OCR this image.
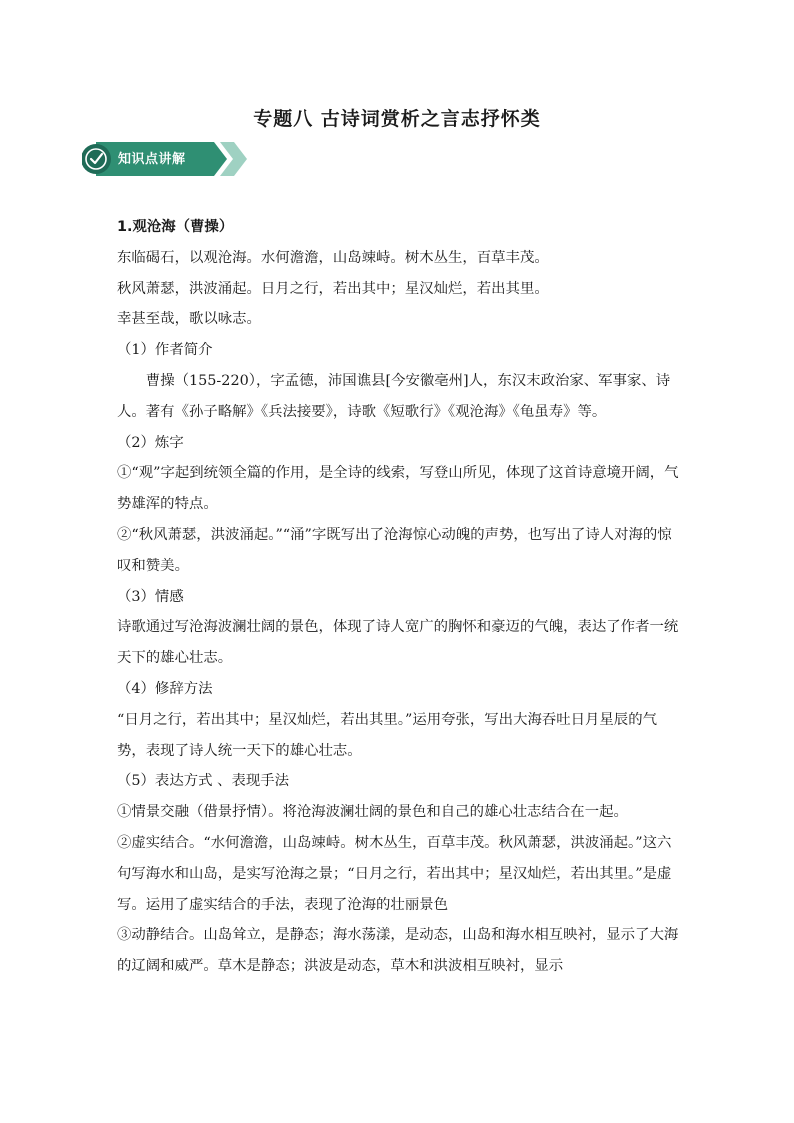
专题八 古诗词赏析之言志抒怀类
知识点讲解

1.观沧海（曹操）

东临碣石，以观沧海。水何澹澹，山岛竦峙。树木丛生，百草丰茂。

秋风萧瑟，洪波涌起。日月之行，若出其中；星汉灿烂，若出其里。

幸甚至哉，歌以咏志。

（1）作者简介

曹操（155-220），字孟德，沛国谯县[今安徽亳州]人，东汉末政治家、军事家、诗人。著有《孙子略解》《兵法接要》，诗歌《短歌行》《观沧海》《龟虽寿》等。

（2）炼字

①“观”字起到统领全篇的作用，是全诗的线索，写登山所见，体现了这首诗意境开阔，气势雄浑的特点。

②“秋风萧瑟，洪波涌起。”“涌”字既写出了沧海惊心动魄的声势，也写出了诗人对海的惊叹和赞美。

（3）情感

诗歌通过写沧海波澜壮阔的景色，体现了诗人宽广的胸怀和豪迈的气魄，表达了作者一统天下的雄心壮志。

（4）修辞方法

“日月之行，若出其中；星汉灿烂，若出其里。”运用夸张，写出大海吞吐日月星辰的气势，表现了诗人统一天下的雄心壮志。

（5）表达方式 、表现手法

①情景交融（借景抒情）。将沧海波澜壮阔的景色和自己的雄心壮志结合在一起。

②虚实结合。“水何澹澹，山岛竦峙。树木丛生，百草丰茂。秋风萧瑟，洪波涌起。”这六句写海水和山岛，是实写沧海之景；“日月之行，若出其中；星汉灿烂，若出其里。”是虚写。运用了虚实结合的手法，表现了沧海的壮丽景色

③动静结合。山岛耸立，是静态；海水荡漾，是动态，山岛和海水相互映衬，显示了大海的辽阔和威严。草木是静态；洪波是动态，草木和洪波相互映衬，显示
